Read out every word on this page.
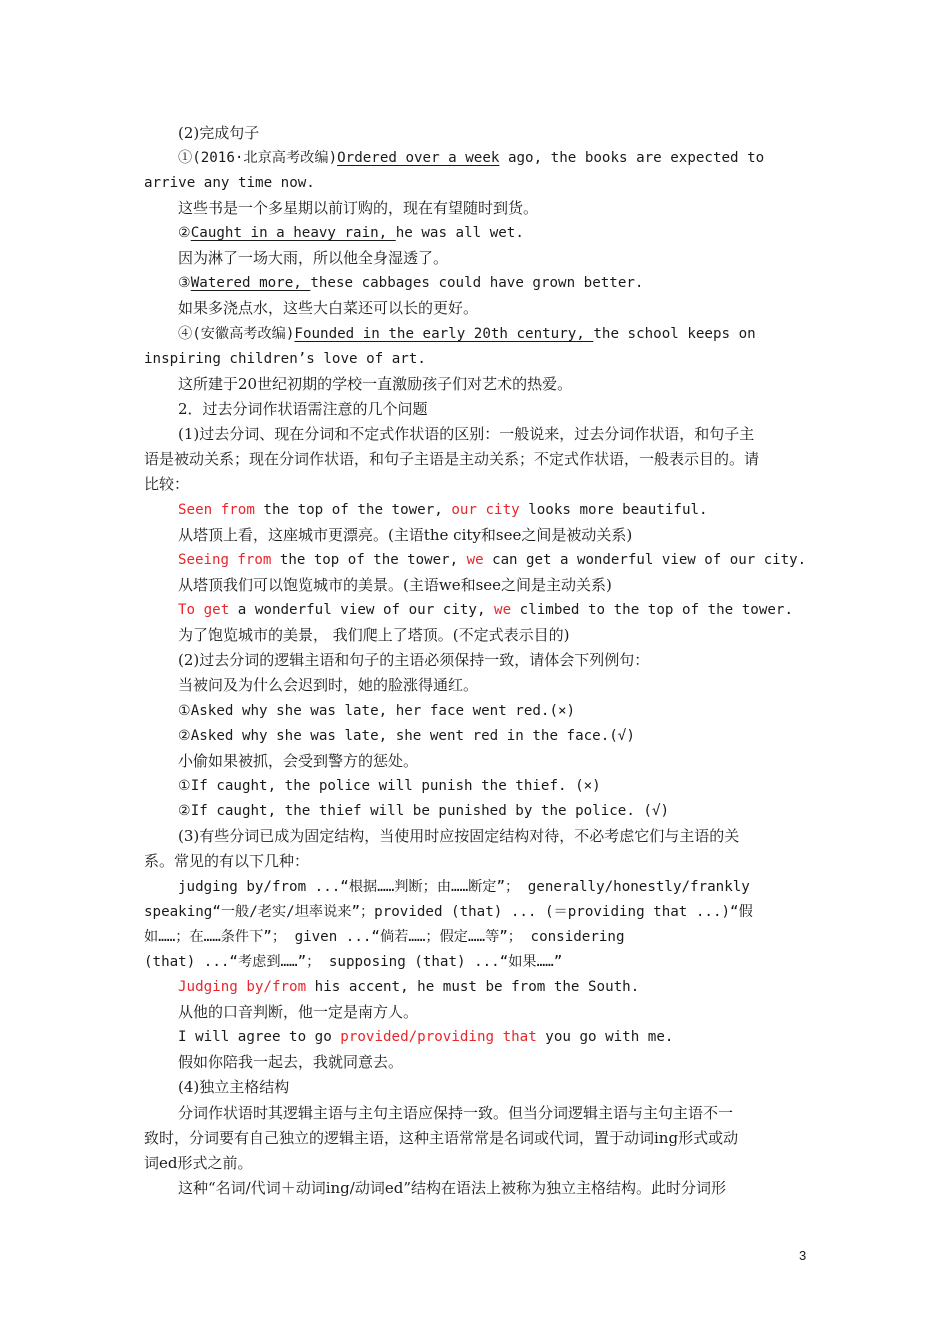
(2)完成句子
①(2016·北京高考改编)Ordered over a week ago, the books are expected to
arrive any time now.
这些书是一个多星期以前订购的，现在有望随时到货。
②Caught in a heavy rain, he was all wet.
因为淋了一场大雨，所以他全身湿透了。
③Watered more, these cabbages could have grown better.
如果多浇点水，这些大白菜还可以长的更好。
④(安徽高考改编)Founded in the early 20th century, the school keeps on
inspiring children’s love of art.
这所建于20世纪初期的学校一直激励孩子们对艺术的热爱。
2．过去分词作状语需注意的几个问题
(1)过去分词、现在分词和不定式作状语的区别：一般说来，过去分词作状语，和句子主
语是被动关系；现在分词作状语，和句子主语是主动关系；不定式作状语，一般表示目的。请
比较：
Seen from the top of the tower, our city looks more beautiful.
从塔顶上看，这座城市更漂亮。(主语the city和see之间是被动关系)
Seeing from the top of the tower, we can get a wonderful view of our city.
从塔顶我们可以饱览城市的美景。(主语we和see之间是主动关系)
To get a wonderful view of our city, we climbed to the top of the tower.
为了饱览城市的美景， 我们爬上了塔顶。(不定式表示目的)
(2)过去分词的逻辑主语和句子的主语必须保持一致，请体会下列例句：
当被问及为什么会迟到时，她的脸涨得通红。
①Asked why she was late, her face went red.(×)
②Asked why she was late, she went red in the face.(√)
小偷如果被抓，会受到警方的惩处。
①If caught, the police will punish the thief. (×)
②If caught, the thief will be punished by the police. (√)
(3)有些分词已成为固定结构，当使用时应按固定结构对待，不必考虑它们与主语的关
系。常见的有以下几种：
judging by/from ...“根据……判断；由……断定”； generally/honestly/frankly
speaking“一般/老实/坦率说来”；provided (that) ... (＝providing that ...)“假
如……；在……条件下”； given ...“倘若……；假定……等”； considering
(that) ...“考虑到……”； supposing (that) ...“如果……”
Judging by/from his accent, he must be from the South.
从他的口音判断，他一定是南方人。
I will agree to go provided/providing that you go with me.
假如你陪我一起去，我就同意去。
(4)独立主格结构
分词作状语时其逻辑主语与主句主语应保持一致。但当分词逻辑主语与主句主语不一
致时，分词要有自己独立的逻辑主语，这种主语常常是名词或代词，置于动词ing形式或动
词ed形式之前。
这种“名词/代词＋动词ing/动词ed”结构在语法上被称为独立主格结构。此时分词形
3
